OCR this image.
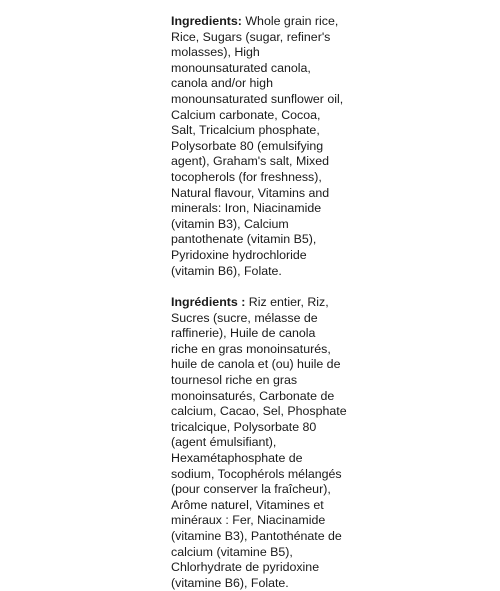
Ingredients: Whole grain rice,
Rice, Sugars (sugar, refiner's
molasses), High
monounsaturated canola,
canola and/or high
monounsaturated sunflower oil,
Calcium carbonate, Cocoa,
Salt, Tricalcium phosphate,
Polysorbate 80 (emulsifying
agent), Graham's salt, Mixed
tocopherols (for freshness),
Natural flavour, Vitamins and
minerals: Iron, Niacinamide
(vitamin B3), Calcium
pantothenate (vitamin B5),
Pyridoxine hydrochloride
(vitamin B6), Folate.

Ingrédients : Riz entier, Riz,
Sucres (sucre, mélasse de
raffinerie), Huile de canola
riche en gras monoinsaturés,
huile de canola et (ou) huile de
tournesol riche en gras
monoinsaturés, Carbonate de
calcium, Cacao, Sel, Phosphate
tricalcique, Polysorbate 80
(agent émulsifiant),
Hexamétaphosphate de
sodium, Tocophérols mélangés
(pour conserver la fraîcheur),
Arôme naturel, Vitamines et
minéraux : Fer, Niacinamide
(vitamine B3), Pantothénate de
calcium (vitamine B5),
Chlorhydrate de pyridoxine
(vitamine B6), Folate.
